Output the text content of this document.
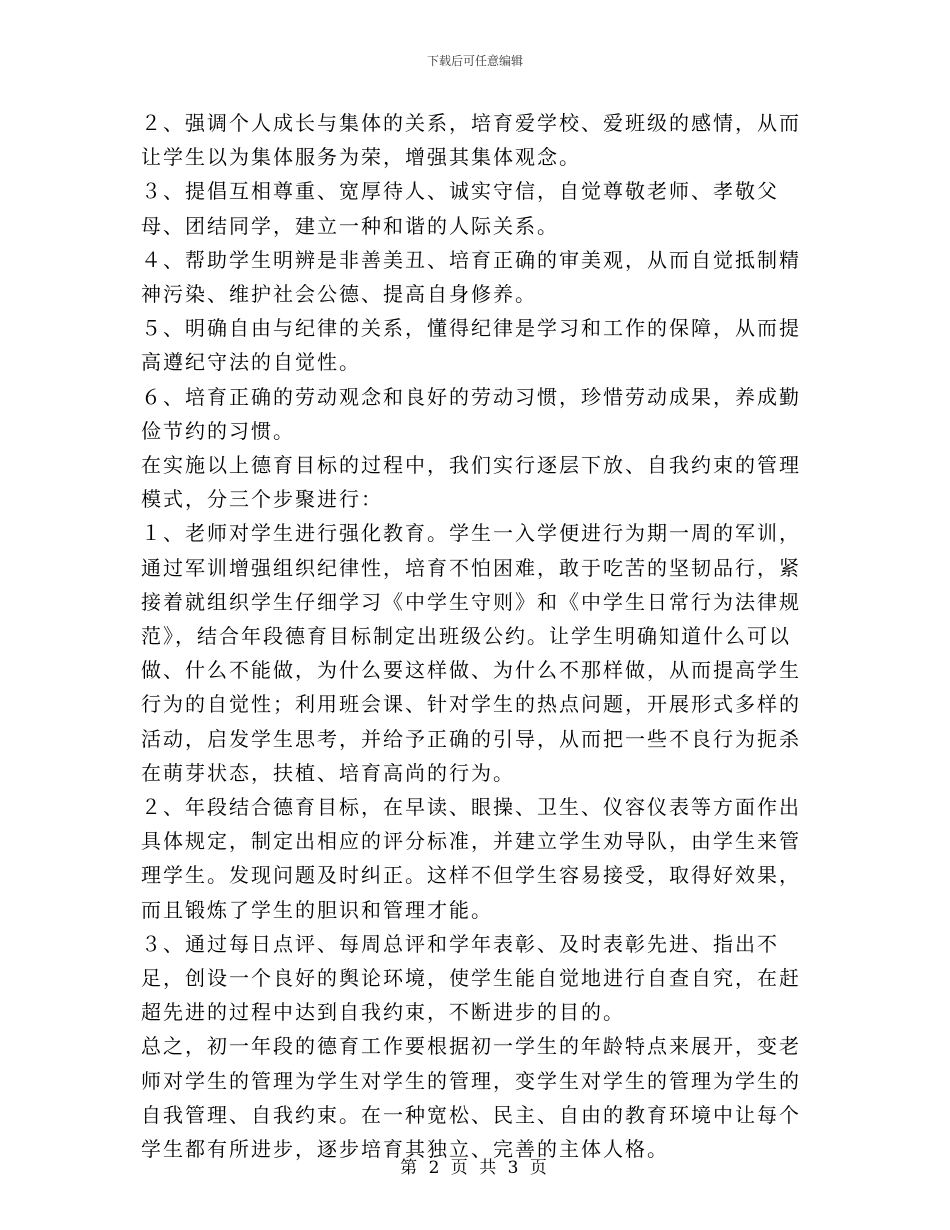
下载后可任意编辑

２、强调个人成长与集体的关系，培育爱学校、爱班级的感情，从而让学生以为集体服务为荣，增强其集体观念。

３、提倡互相尊重、宽厚待人、诚实守信，自觉尊敬老师、孝敬父母、团结同学，建立一种和谐的人际关系。

４、帮助学生明辨是非善美丑、培育正确的审美观，从而自觉抵制精神污染、维护社会公德、提高自身修养。

５、明确自由与纪律的关系，懂得纪律是学习和工作的保障，从而提高遵纪守法的自觉性。

６、培育正确的劳动观念和良好的劳动习惯，珍惜劳动成果，养成勤俭节约的习惯。

在实施以上德育目标的过程中，我们实行逐层下放、自我约束的管理模式，分三个步聚进行：

１、老师对学生进行强化教育。学生一入学便进行为期一周的军训，通过军训增强组织纪律性，培育不怕困难，敢于吃苦的坚韧品行，紧接着就组织学生仔细学习《中学生守则》和《中学生日常行为法律规范》，结合年段德育目标制定出班级公约。让学生明确知道什么可以做、什么不能做，为什么要这样做、为什么不那样做，从而提高学生行为的自觉性；利用班会课、针对学生的热点问题，开展形式多样的活动，启发学生思考，并给予正确的引导，从而把一些不良行为扼杀在萌芽状态，扶植、培育高尚的行为。

２、年段结合德育目标，在早读、眼操、卫生、仪容仪表等方面作出具体规定，制定出相应的评分标准，并建立学生劝导队，由学生来管理学生。发现问题及时纠正。这样不但学生容易接受，取得好效果，而且锻炼了学生的胆识和管理才能。

３、通过每日点评、每周总评和学年表彰、及时表彰先进、指出不足，创设一个良好的舆论环境，使学生能自觉地进行自查自究，在赶超先进的过程中达到自我约束，不断进步的目的。

总之，初一年段的德育工作要根据初一学生的年龄特点来展开，变老师对学生的管理为学生对学生的管理，变学生对学生的管理为学生的自我管理、自我约束。在一种宽松、民主、自由的教育环境中让每个学生都有所进步，逐步培育其独立、完善的主体人格。

第 2 页 共 3 页
